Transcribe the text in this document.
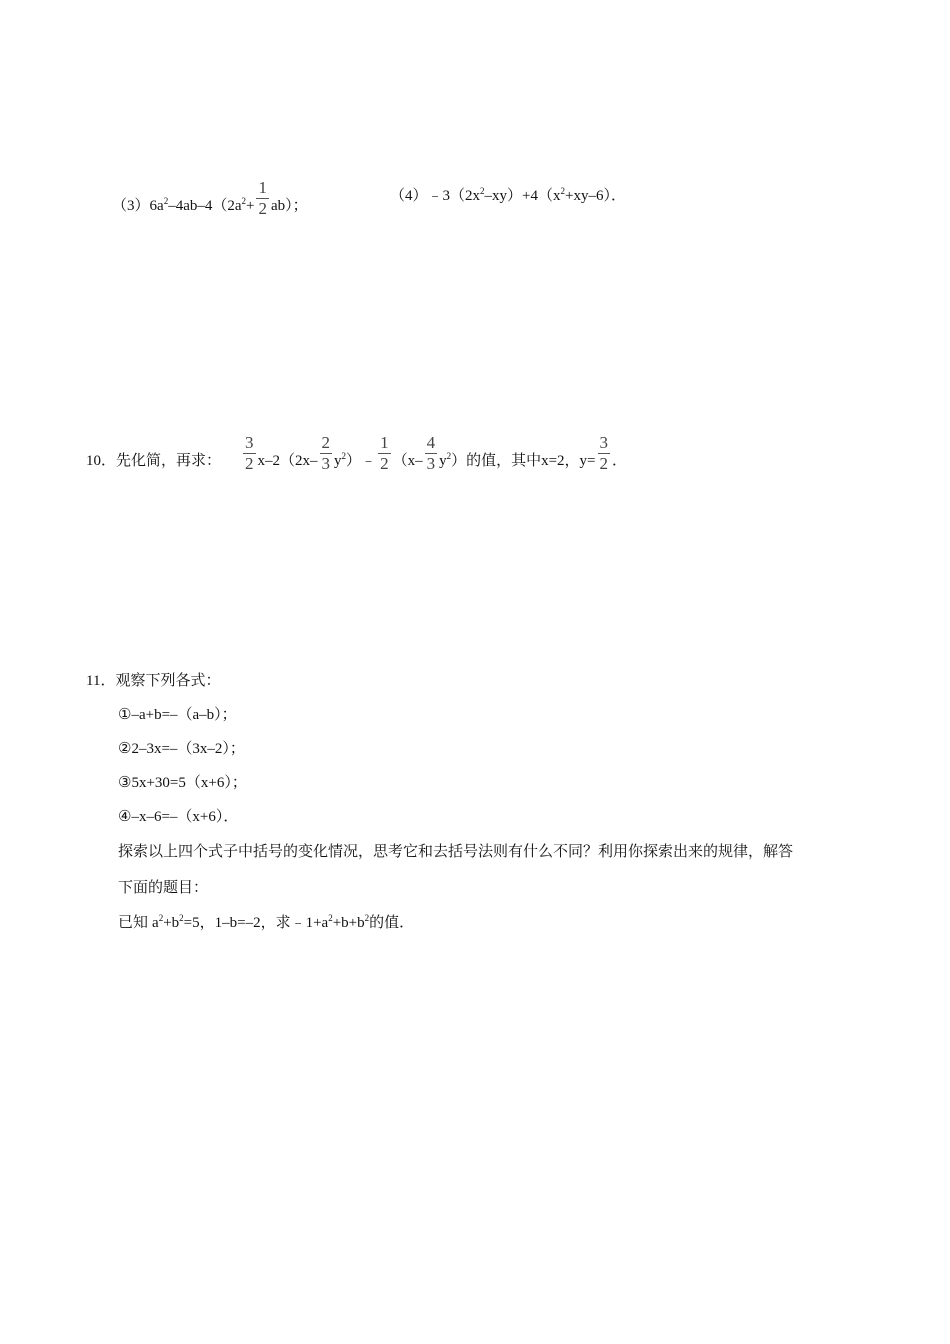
$(3)6a^2-4ab-4(2a^2+ \frac{1}{2} ab)$；
$(4)﹣3(2x^2-xy)+4(x^2+xy-6)$．
10．先化简，再求： $\frac{3}{2} x-2(2x- \frac{2}{3}$ $y^2)﹣ \frac{1}{2} (x- \frac{4}{3} y^2)$的值，其中x=2，$y= \frac{3}{2}$ ．
11．观察下列各式：
①–a+b=–（a–b）；
②2–3x=–（3x–2）；
③5x+30=5（x+6）；
④–x–6=–（x+6）．
探索以上四个式子中括号的变化情况，思考它和去括号法则有什么不同？利用你探索出来的规律，解答
下面的题目：
已知 $a^2+b^2=5$，1–b=–2，求$﹣1+a^2+b+b^2$的值．
